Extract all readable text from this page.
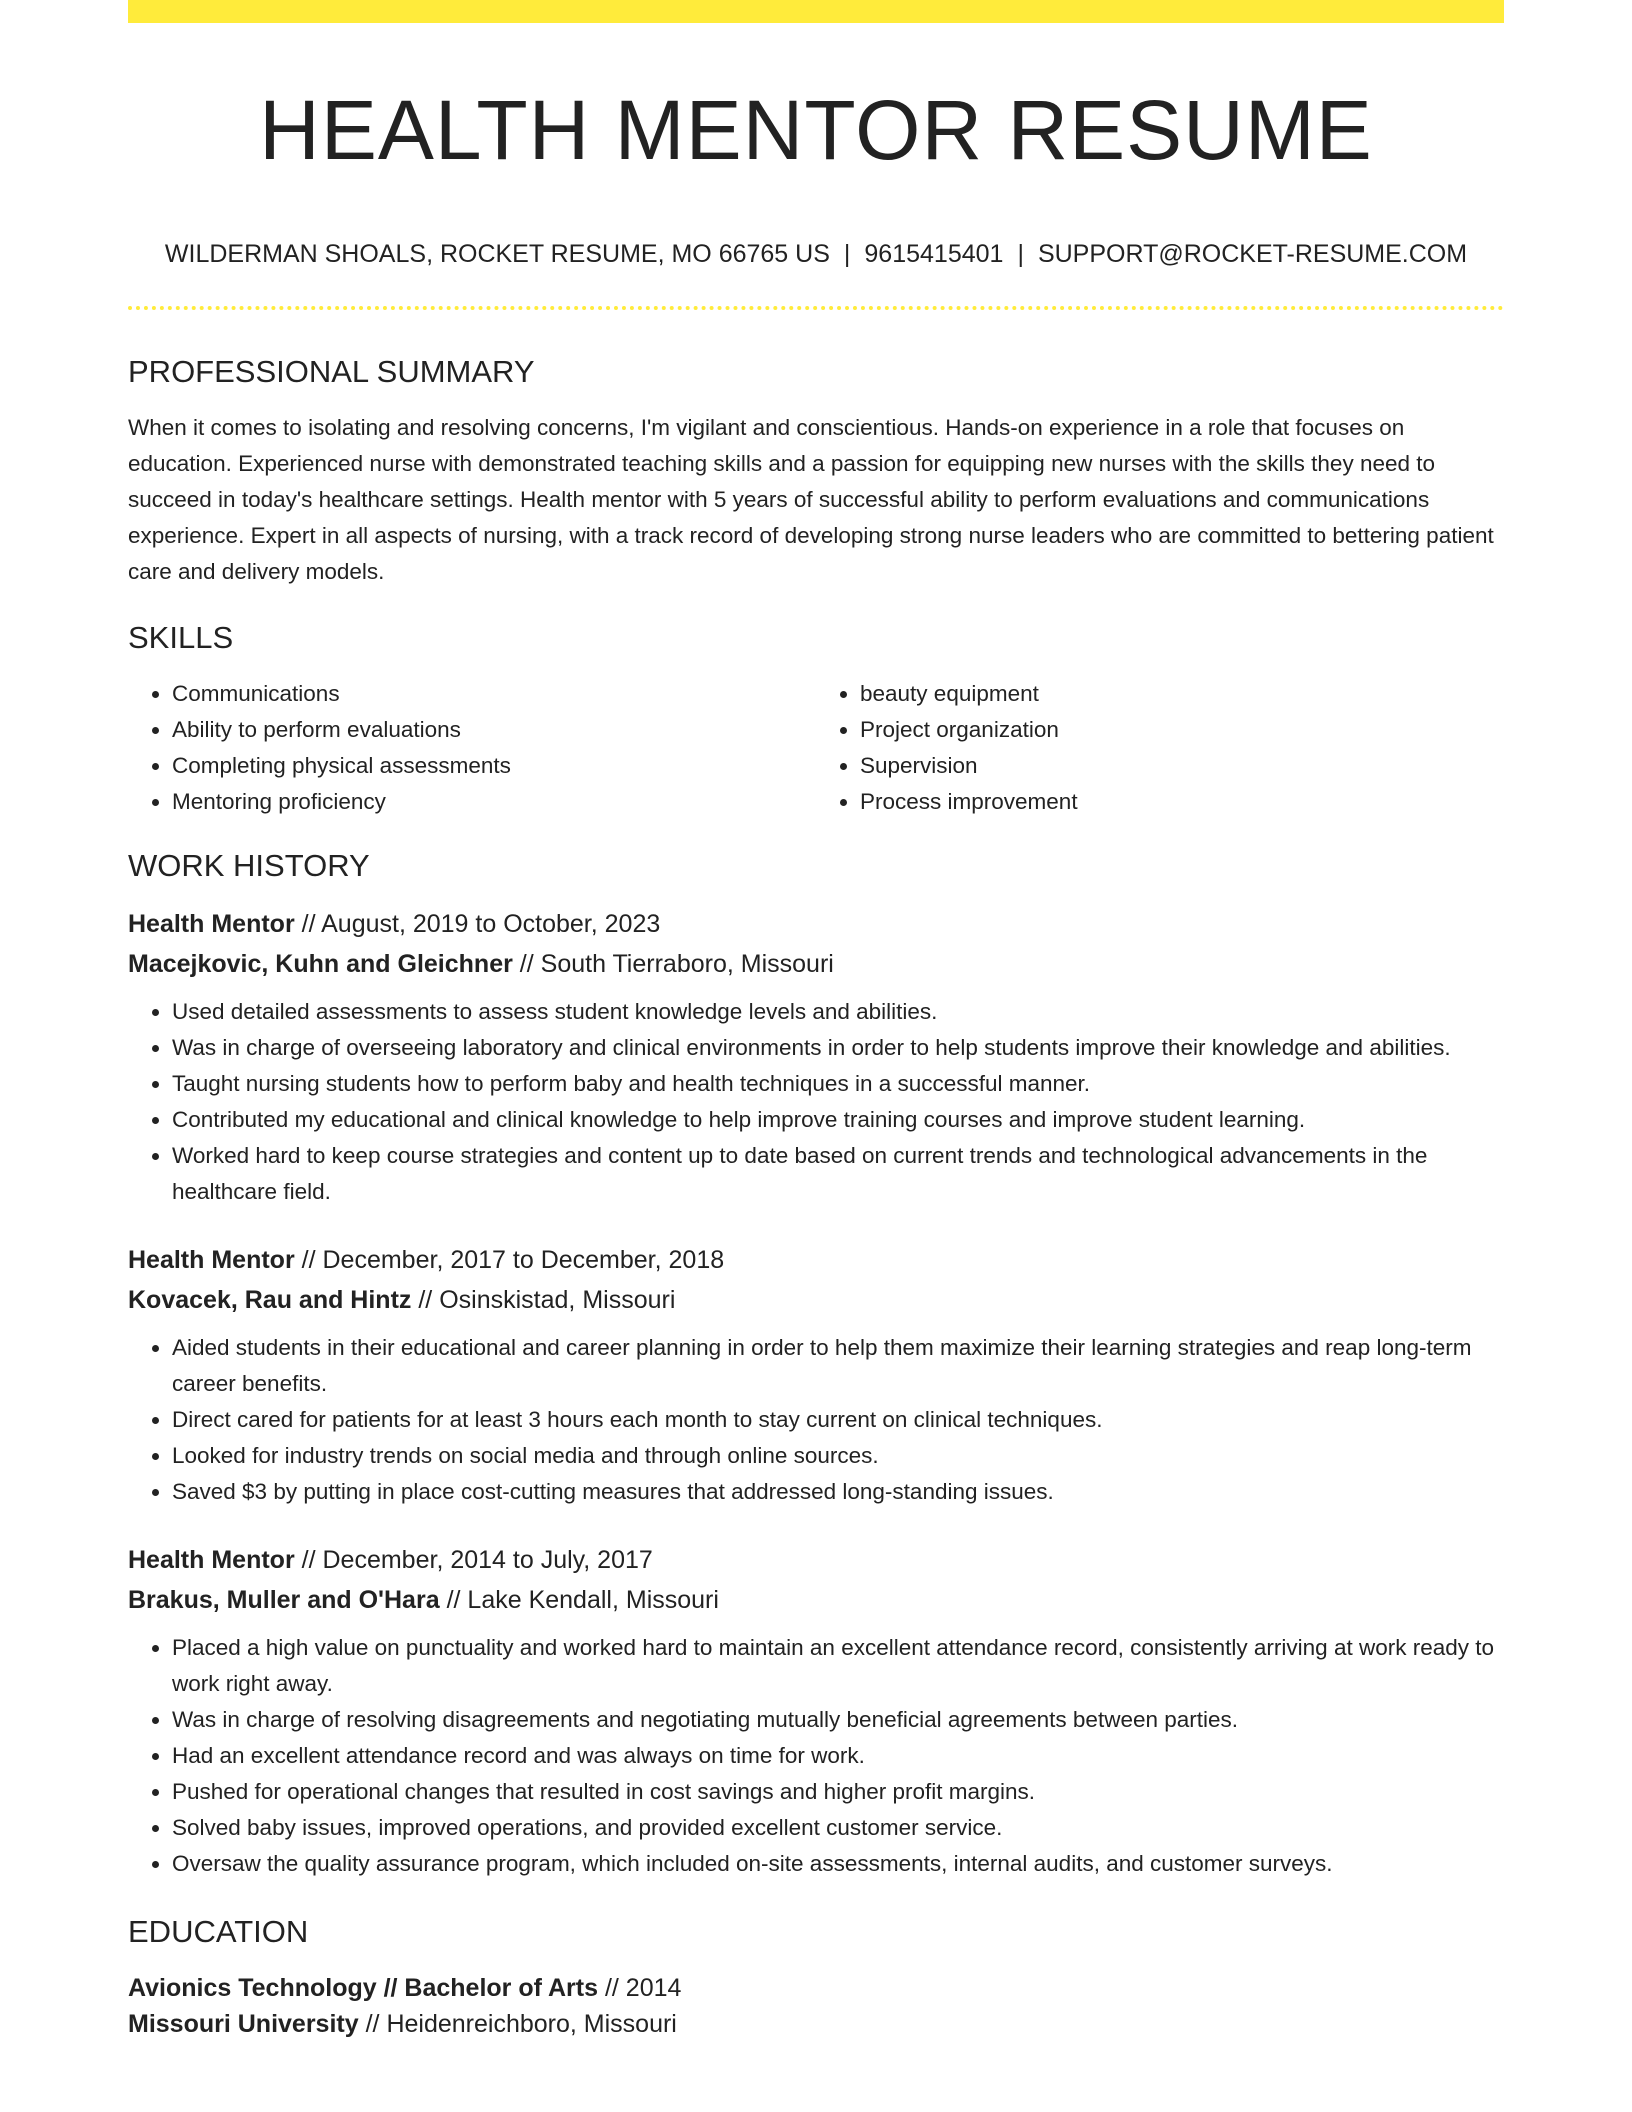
HEALTH MENTOR RESUME
WILDERMAN SHOALS, ROCKET RESUME, MO 66765 US | 9615415401 | SUPPORT@ROCKET-RESUME.COM
PROFESSIONAL SUMMARY

When it comes to isolating and resolving concerns, I'm vigilant and conscientious. Hands-on experience in a role that focuses on education. Experienced nurse with demonstrated teaching skills and a passion for equipping new nurses with the skills they need to succeed in today's healthcare settings. Health mentor with 5 years of successful ability to perform evaluations and communications experience. Expert in all aspects of nursing, with a track record of developing strong nurse leaders who are committed to bettering patient care and delivery models.

SKILLS
• Communications
• Ability to perform evaluations
• Completing physical assessments
• Mentoring proficiency
• beauty equipment
• Project organization
• Supervision
• Process improvement
WORK HISTORY
Health Mentor // August, 2019 to October, 2023
Macejkovic, Kuhn and Gleichner // South Tierraboro, Missouri
• Used detailed assessments to assess student knowledge levels and abilities.
• Was in charge of overseeing laboratory and clinical environments in order to help students improve their knowledge and abilities.
• Taught nursing students how to perform baby and health techniques in a successful manner.
• Contributed my educational and clinical knowledge to help improve training courses and improve student learning.
• Worked hard to keep course strategies and content up to date based on current trends and technological advancements in the healthcare field.
Health Mentor // December, 2017 to December, 2018
Kovacek, Rau and Hintz // Osinskistad, Missouri
• Aided students in their educational and career planning in order to help them maximize their learning strategies and reap long-term career benefits.
• Direct cared for patients for at least 3 hours each month to stay current on clinical techniques.
• Looked for industry trends on social media and through online sources.
• Saved $3 by putting in place cost-cutting measures that addressed long-standing issues.
Health Mentor // December, 2014 to July, 2017
Brakus, Muller and O'Hara // Lake Kendall, Missouri
• Placed a high value on punctuality and worked hard to maintain an excellent attendance record, consistently arriving at work ready to work right away.
• Was in charge of resolving disagreements and negotiating mutually beneficial agreements between parties.
• Had an excellent attendance record and was always on time for work.
• Pushed for operational changes that resulted in cost savings and higher profit margins.
• Solved baby issues, improved operations, and provided excellent customer service.
• Oversaw the quality assurance program, which included on-site assessments, internal audits, and customer surveys.
EDUCATION
Avionics Technology // Bachelor of Arts // 2014
Missouri University // Heidenreichboro, Missouri
